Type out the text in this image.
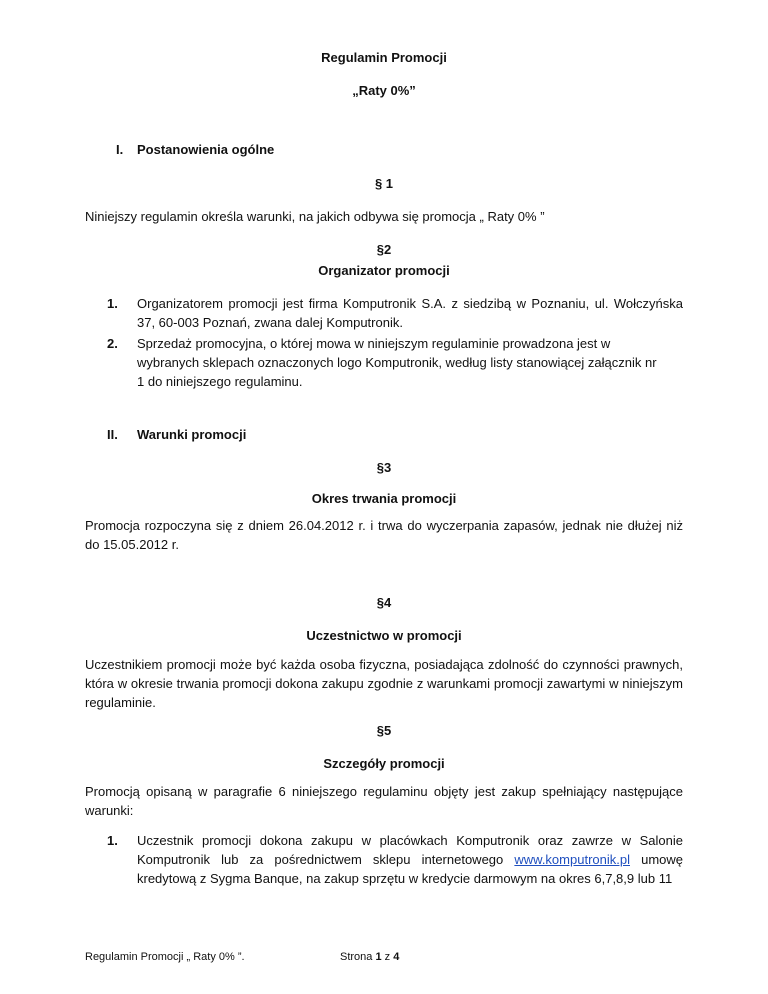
Regulamin Promocji
„Raty 0%”
I. Postanowienia ogólne
§ 1
Niniejszy regulamin określa warunki, na jakich odbywa się promocja „ Raty 0% ”
§2
Organizator promocji
1. Organizatorem promocji jest firma Komputronik S.A. z siedzibą w Poznaniu, ul. Wołczyńska 37, 60-003 Poznań, zwana dalej Komputronik.
2. Sprzedaż promocyjna, o której mowa w niniejszym regulaminie prowadzona jest w wybranych sklepach oznaczonych logo Komputronik, według listy stanowiącej załącznik nr 1 do niniejszego regulaminu.
II. Warunki promocji
§3
Okres trwania promocji
Promocja rozpoczyna się z dniem 26.04.2012 r. i trwa do wyczerpania zapasów, jednak nie dłużej niż do 15.05.2012 r.
§4
Uczestnictwo w promocji
Uczestnikiem promocji może być każda osoba fizyczna, posiadająca zdolność do czynności prawnych, która w okresie trwania promocji dokona zakupu zgodnie z warunkami promocji zawartymi w niniejszym regulaminie.
§5
Szczegóły promocji
Promocją opisaną w paragrafie 6 niniejszego regulaminu objęty jest zakup spełniający następujące warunki:
1. Uczestnik promocji dokona zakupu w placówkach Komputronik oraz zawrze w Salonie Komputronik lub za pośrednictwem sklepu internetowego www.komputronik.pl umowę kredytową z Sygma Banque, na zakup sprzętu w kredycie darmowym na okres 6,7,8,9 lub 11
Regulamin Promocji „ Raty 0% ”.	Strona 1 z 4
